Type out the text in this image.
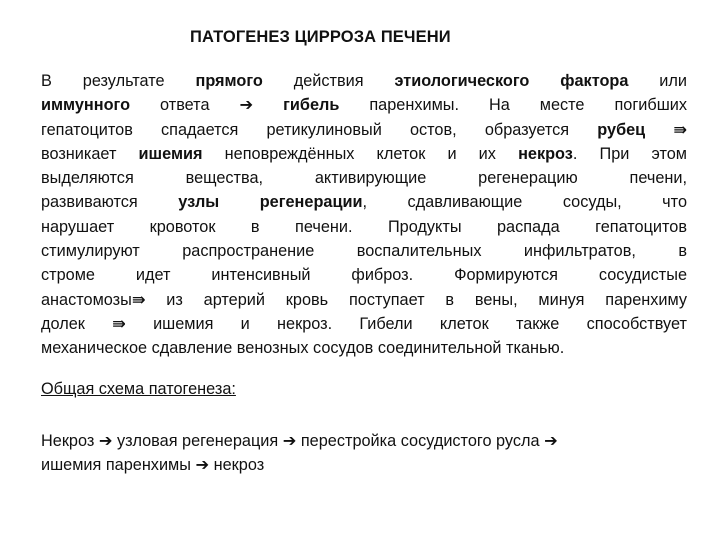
ПАТОГЕНЕЗ ЦИРРОЗА ПЕЧЕНИ
В результате прямого действия этиологического фактора или
иммунного ответа ➔ гибель паренхимы. На месте погибших
гепатоцитов спадается ретикулиновый остов, образуется рубец ⇛
возникает ишемия неповреждённых клеток и их некроз. При этом
выделяются вещества, активирующие регенерацию печени,
развиваются узлы регенерации, сдавливающие сосуды, что
нарушает кровоток в печени. Продукты распада гепатоцитов
стимулируют распространение воспалительных инфильтратов, в
строме идет интенсивный фиброз. Формируются сосудистые
анастомозы⇛ из артерий кровь поступает в вены, минуя паренхиму
долек ⇛ ишемия и некроз. Гибели клеток также способствует
механическое сдавление венозных сосудов соединительной тканью.
Общая схема патогенеза:
Некроз ➔ узловая регенерация ➔ перестройка сосудистого русла ➔
ишемия паренхимы ➔ некроз
